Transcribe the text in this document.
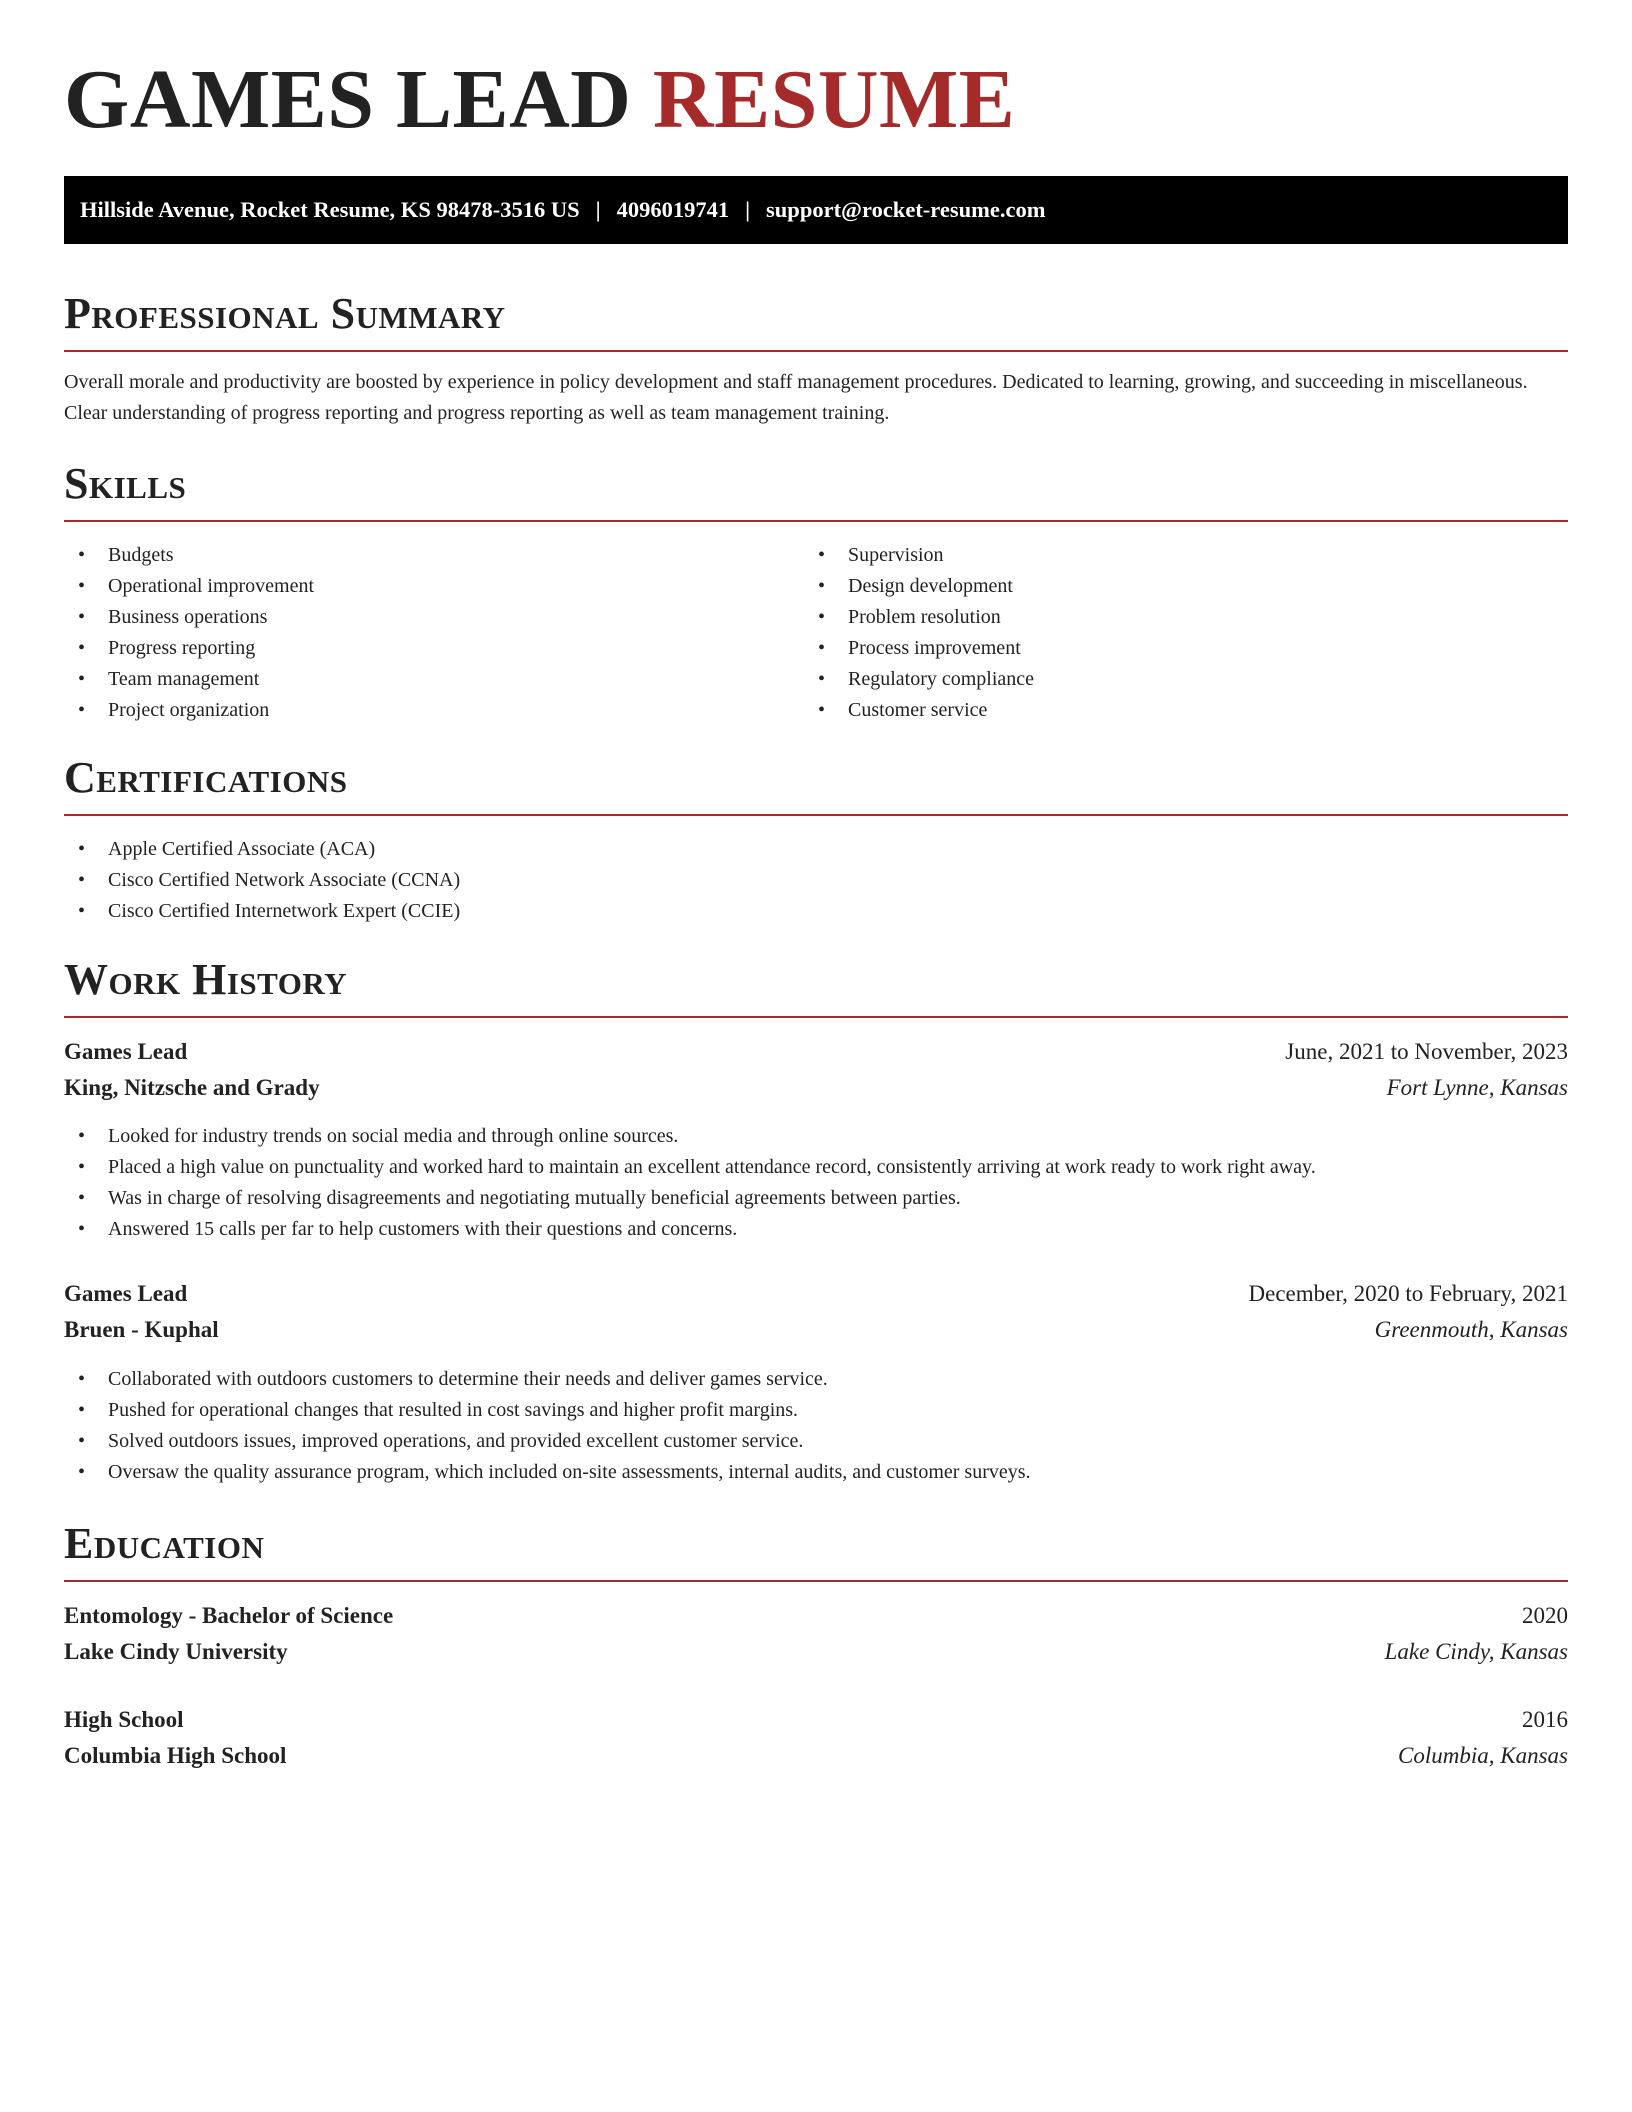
GAMES LEAD RESUME
Hillside Avenue, Rocket Resume, KS 98478-3516 US | 4096019741 | support@rocket-resume.com
Professional Summary

Overall morale and productivity are boosted by experience in policy development and staff management procedures. Dedicated to learning, growing, and succeeding in miscellaneous. Clear understanding of progress reporting and progress reporting as well as team management training.

Skills
• Budgets
• Operational improvement
• Business operations
• Progress reporting
• Team management
• Project organization
• Supervision
• Design development
• Problem resolution
• Process improvement
• Regulatory compliance
• Customer service
Certifications
• Apple Certified Associate (ACA)
• Cisco Certified Network Associate (CCNA)
• Cisco Certified Internetwork Expert (CCIE)
Work History
Games Lead	June, 2021 to November, 2023
King, Nitzsche and Grady	Fort Lynne, Kansas
• Looked for industry trends on social media and through online sources.
• Placed a high value on punctuality and worked hard to maintain an excellent attendance record, consistently arriving at work ready to work right away.
• Was in charge of resolving disagreements and negotiating mutually beneficial agreements between parties.
• Answered 15 calls per far to help customers with their questions and concerns.
Games Lead	December, 2020 to February, 2021
Bruen - Kuphal	Greenmouth, Kansas
• Collaborated with outdoors customers to determine their needs and deliver games service.
• Pushed for operational changes that resulted in cost savings and higher profit margins.
• Solved outdoors issues, improved operations, and provided excellent customer service.
• Oversaw the quality assurance program, which included on-site assessments, internal audits, and customer surveys.
Education
Entomology - Bachelor of Science	2020
Lake Cindy University	Lake Cindy, Kansas
High School	2016
Columbia High School	Columbia, Kansas
